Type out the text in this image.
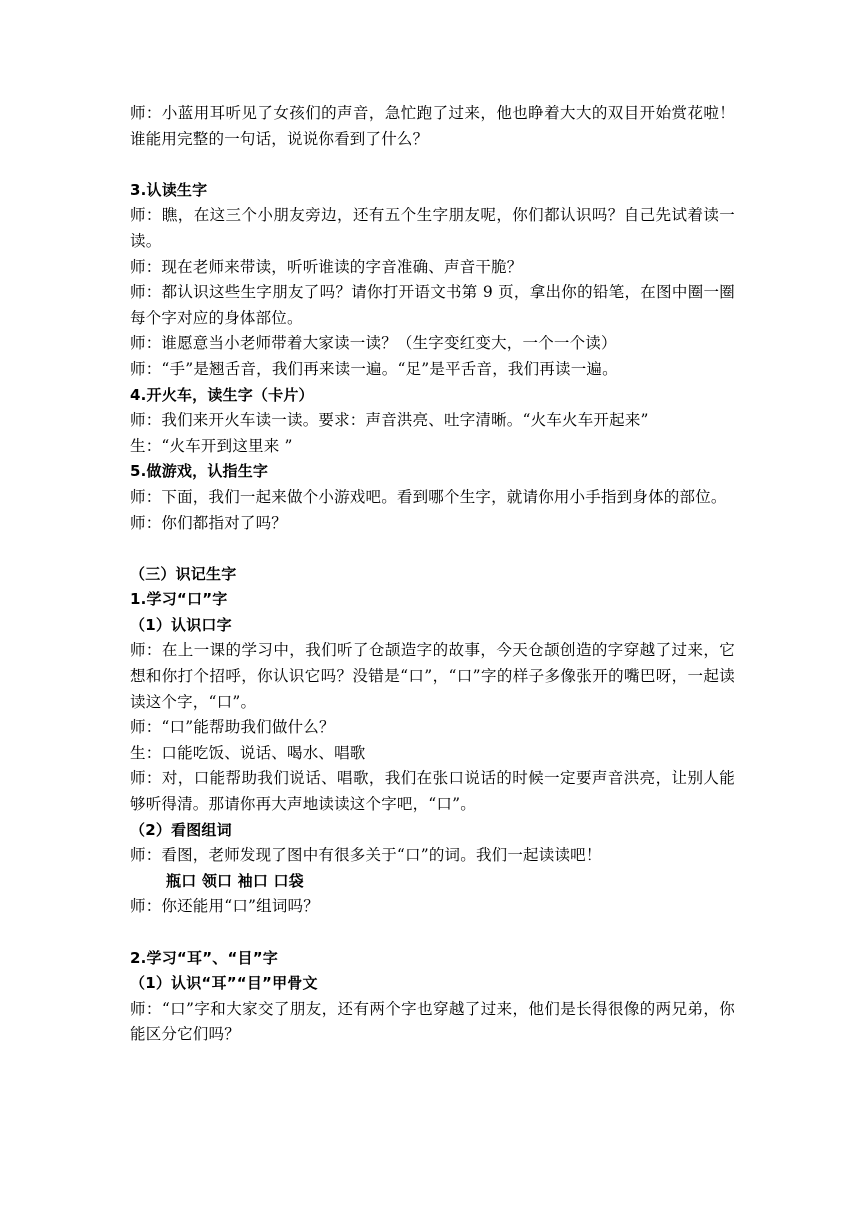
师：小蓝用耳听见了女孩们的声音，急忙跑了过来，他也睁着大大的双目开始赏花啦！谁能用完整的一句话，说说你看到了什么？
3.认读生字
师：瞧，在这三个小朋友旁边，还有五个生字朋友呢，你们都认识吗？自己先试着读一读。
师：现在老师来带读，听听谁读的字音准确、声音干脆？
师：都认识这些生字朋友了吗？请你打开语文书第 9 页，拿出你的铅笔，在图中圈一圈每个字对应的身体部位。
师：谁愿意当小老师带着大家读一读？（生字变红变大，一个一个读）
师：“手”是翘舌音，我们再来读一遍。“足”是平舌音，我们再读一遍。
4.开火车，读生字（卡片）
师：我们来开火车读一读。要求：声音洪亮、吐字清晰。“火车火车开起来”
生：“火车开到这里来 ”
5.做游戏，认指生字
师：下面，我们一起来做个小游戏吧。看到哪个生字，就请你用小手指到身体的部位。
师：你们都指对了吗？
（三）识记生字
1.学习“口”字
（1）认识口字
师：在上一课的学习中，我们听了仓颉造字的故事，今天仓颉创造的字穿越了过来，它想和你打个招呼，你认识它吗？没错是“口”，“口”字的样子多像张开的嘴巴呀，一起读读这个字，“口”。
师：“口”能帮助我们做什么？
生：口能吃饭、说话、喝水、唱歌
师：对，口能帮助我们说话、唱歌，我们在张口说话的时候一定要声音洪亮，让别人能够听得清。那请你再大声地读读这个字吧，“口”。
（2）看图组词
师：看图，老师发现了图中有很多关于“口”的词。我们一起读读吧！
瓶口 领口 袖口 口袋
师：你还能用“口”组词吗？
2.学习“耳”、“目”字
（1）认识“耳”“目”甲骨文
师：“口”字和大家交了朋友，还有两个字也穿越了过来，他们是长得很像的两兄弟，你能区分它们吗？
